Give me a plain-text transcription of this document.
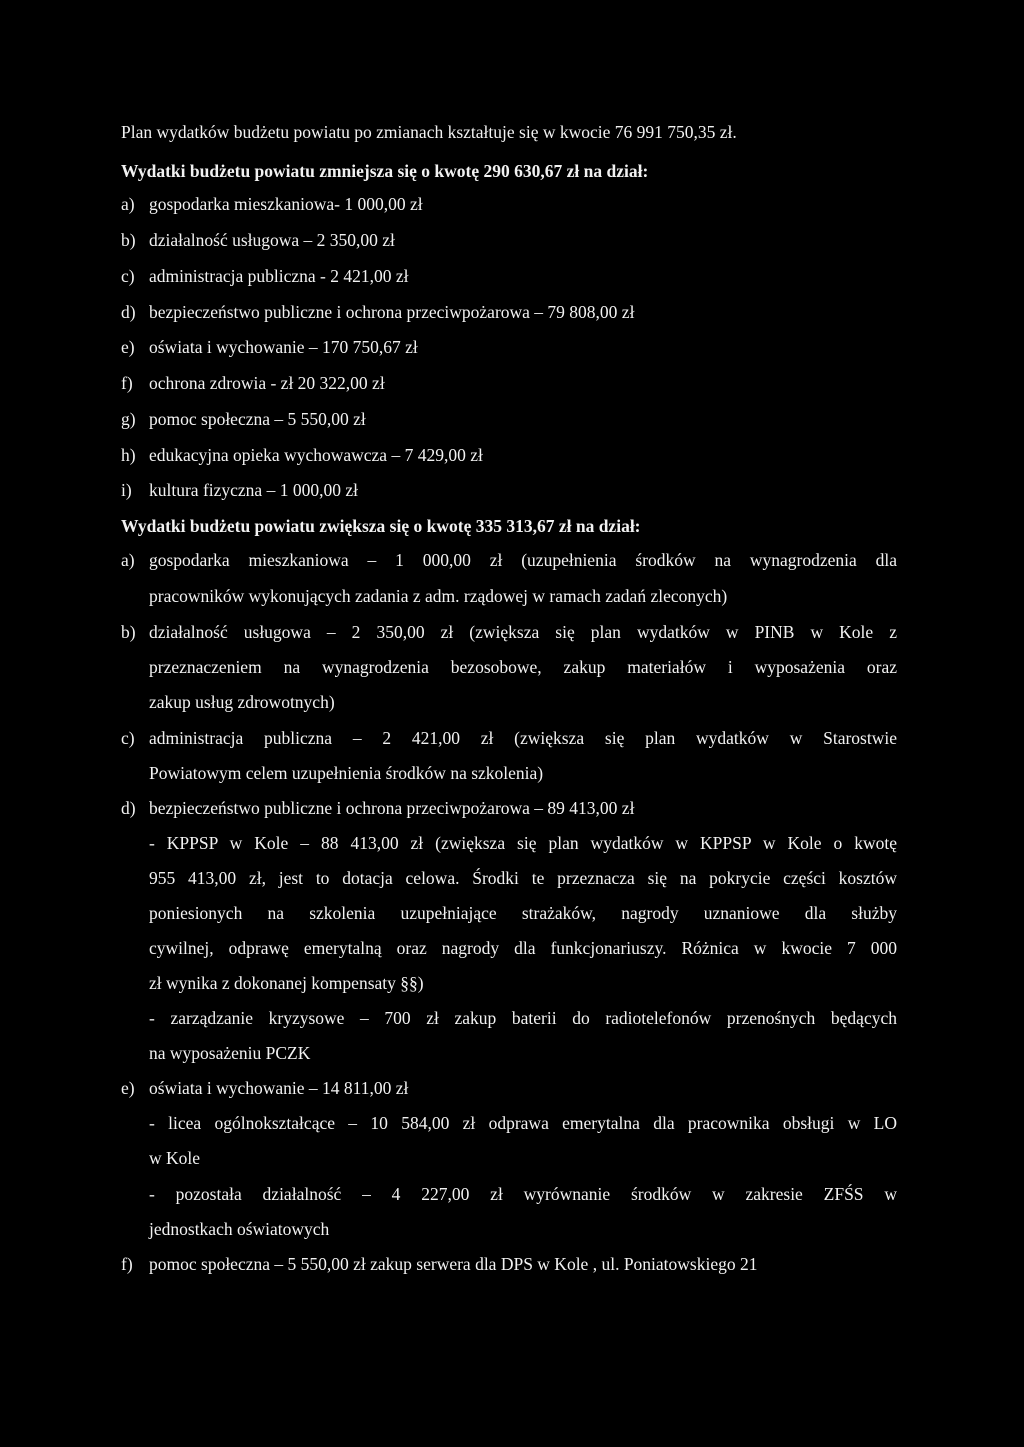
Plan wydatków budżetu powiatu po zmianach kształtuje się w kwocie 76 991 750,35 zł.
Wydatki budżetu powiatu zmniejsza się o kwotę 290 630,67 zł na dział:
a) gospodarka mieszkaniowa- 1 000,00 zł
b) działalność usługowa – 2 350,00 zł
c) administracja publiczna - 2 421,00 zł
d) bezpieczeństwo publiczne i ochrona przeciwpożarowa – 79 808,00 zł
e) oświata i wychowanie – 170 750,67 zł
f) ochrona zdrowia - zł 20 322,00 zł
g) pomoc społeczna – 5 550,00 zł
h) edukacyjna opieka wychowawcza – 7 429,00 zł
i) kultura fizyczna – 1 000,00 zł
Wydatki budżetu powiatu zwiększa się o kwotę 335 313,67 zł na dział:
a) gospodarka mieszkaniowa – 1 000,00 zł (uzupełnienia środków na wynagrodzenia dla
pracowników wykonujących zadania z adm. rządowej w ramach zadań zleconych)
b) działalność usługowa – 2 350,00 zł (zwiększa się plan wydatków w PINB w Kole z
przeznaczeniem na wynagrodzenia bezosobowe, zakup materiałów i wyposażenia oraz
zakup usług zdrowotnych)
c) administracja publiczna – 2 421,00 zł (zwiększa się plan wydatków w Starostwie
Powiatowym celem uzupełnienia środków na szkolenia)
d) bezpieczeństwo publiczne i ochrona przeciwpożarowa – 89 413,00 zł
- KPPSP w Kole – 88 413,00 zł (zwiększa się plan wydatków w KPPSP w Kole o kwotę
955 413,00 zł, jest to dotacja celowa. Środki te przeznacza się na pokrycie części kosztów
poniesionych na szkolenia uzupełniające strażaków, nagrody uznaniowe dla służby
cywilnej, odprawę emerytalną oraz nagrody dla funkcjonariuszy. Różnica w kwocie 7 000
zł wynika z dokonanej kompensaty §§)
- zarządzanie kryzysowe – 700 zł zakup baterii do radiotelefonów przenośnych będących
na wyposażeniu PCZK
e) oświata i wychowanie – 14 811,00 zł
- licea ogólnokształcące – 10 584,00 zł odprawa emerytalna dla pracownika obsługi w LO
w Kole
- pozostała działalność – 4 227,00 zł wyrównanie środków w zakresie ZFŚS w
jednostkach oświatowych
f) pomoc społeczna – 5 550,00 zł zakup serwera dla DPS w Kole , ul. Poniatowskiego 21
